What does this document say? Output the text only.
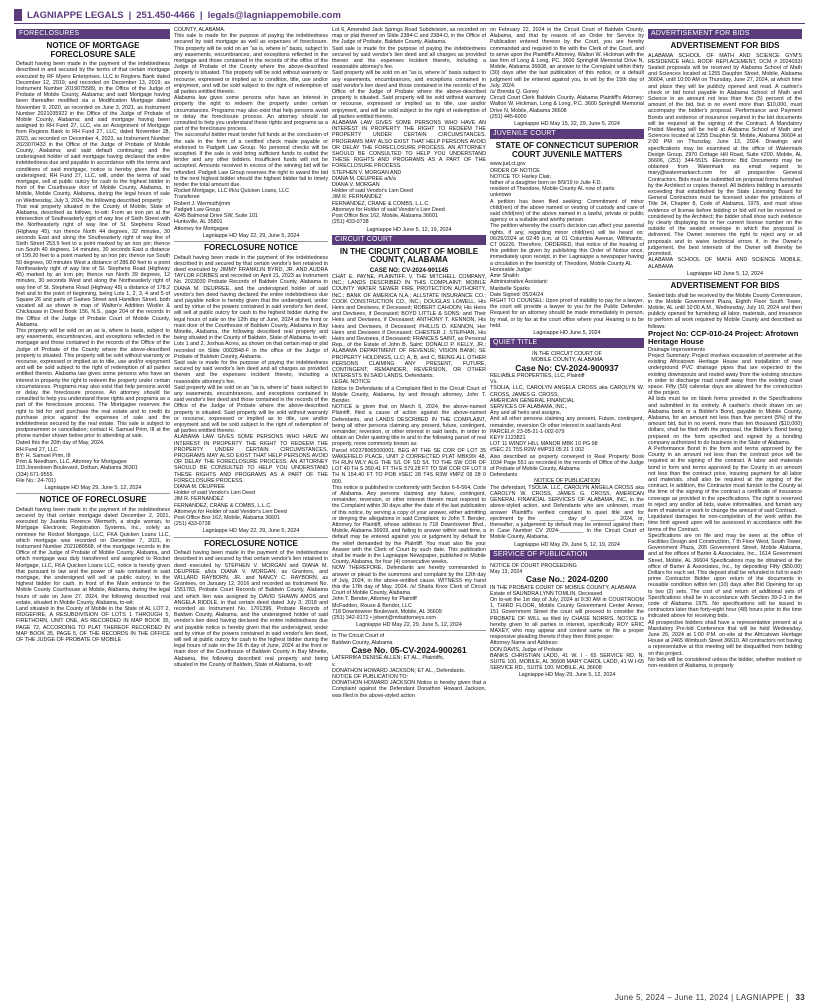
LAGNIAPPE LEGALS | 251.450-4466 | legals@lagniappemobile.com
FORECLOSURES
NOTICE OF MORTGAGE FORECLOSURE SALE

Default having been made in the payment of the indebtedness described in and secured by the terms of that certain mortgage executed by RF Myers Enterprises, LLC to Regions Bank dated December 12, 2019, and recorded on December 13, 2019, as Instrument Number 2019075589, in the Office of the Judge of Probate of Mobile County, Alabama; and said Mortgage having been thereafter modified via a Modification Mortgage dated November 9, 2020, as recorded on June 3, 2021, as Instrument Number 2021035922 in the Office of the Judge of Probate of Mobile County, Alabama; and said mortgage having been assigned to RH Fund 27, LLC, via an Assignment of Mortgage from Regions Bank to RH Fund 27, LLC, dated November 28, 2023, as recorded on December 4, 2023, as Instrument Number 2023070433 in the Office of the Judge of Probate of Mobile County, Alabama; and said default continuing; and the undersigned holder of said mortgage having declared the entire indebtedness due and payable in accordance with the terms and conditions of said mortgage, notice is hereby given that the undersigned, RH Fund 27, LLC, will, under the terms of said mortgage, sell at public outcry for cash to the highest bidder in front of the Courthouse door of Mobile County, Alabama, in Mobile, Mobile County, Alabama, during the legal hours of sale on Wednesday, July 3, 2024, the following described property:

That real property situated in the County of Mobile, State of Alabama, described as follows, to-wit: From an iron pin at the intersection of Southeasterly right of way line of Sixth Street with the Northeasterly right of way line of St. Stephens Road (Highway 45), run thence North 44 degrees, 32 minutes, 30 seconds East and along the Southeasterly right of way line of Sixth Street 253.9 feet to a point marked by an iron pin; thence run South 40 degrees, 14 minutes, 30 seconds East a distance of 199.20 feet to a point marked by an iron pin; thence run South 50 degrees, 00 minutes West a distance of 286.80 feet to a point Northeasterly right of way line of St. Stephens Road (Highway 45) marked by an iron pin; thence run North 39 degrees, 12 minutes, 30 seconds West and along the Northeasterly right of way line of St. Stephens Road (Highway 45) a distance of 178.2 feet and to the point of beginning, being Lots 1, 2, 3, 4 and 5 of Square 26 and parts of Gaines Street and Hamilton Street, both vacated all as shown in map of Walton's Addition Wistler & Chickasaw in Deed Book 156, N.S., page 204 of the records in the Office of the Judge of Probate Court of Mobile County, Alabama.

This property will be sold on an as is, where is basis, subject to any easements, encumbrances, and exceptions reflected in the mortgage and those contained in the records of the Office of the Judge of Probate of the County where the above-described property is situated. This property will be sold without warranty or recourse, expressed or implied as to title, use and/or enjoyment and will be sold subject to the right of redemption of all parties entitled thereto. Alabama law gives some persons who have an interest in property the right to redeem the property under certain circumstances. Programs may also exist that help persons avoid or delay the foreclosure process. An attorney should be consulted to help you understand these rights and programs as a part of the foreclosure process. The Mortgagee reserves the right to bid for and purchase the real estate and to credit its purchase price against the expenses of sale and the indebtedness secured by the real estate. This sale is subject to postponement or cancellation; contact H. Samuel Prim, III at the phone number shown below prior to attending at sale.

Dated this the 20th day of May, 2024.

RH Fund 27, LLC
BY: H. Samuel Prim, III
Prim & Needham, LLC, Attorney for Mortgagee
103 Jonestown Boulevard, Dothan, Alabama 36301
(334) 671-9555
File No.: 24-701)

Lagniappe HD May 29, June 5, 12, 2024
NOTICE OF FORECLOSURE

Default having been made in the payment of the indebtedness secured by that certain mortgage dated December 2, 2021, executed by Juanita Florence Wermeth, a single woman, to Mortgage Electronic Registration Systems, Inc., solely as nominee for Rocket Mortgage, LLC, FKA Quicken Loans LLC, which mortgage was recorded on December 7, 2021, in Instrument Number 2021080568, of the mortgage records in the Office of the Judge of Probate of Mobile County, Alabama, and which mortgage was duly transferred and assigned to Rocket Mortgage, LLC, FKA Quicken Loans LLC, notice is hereby given that pursuant to law and the power of sale contained in said mortgage, the undersigned will sell at public outcry, to the highest bidder for cash, in front of the Main entrance to the Mobile County Courthouse at Mobile, Alabama, during the legal hours of sale on June 27, 2024, the following described real estate, situated in Mobile County, Alabama, to-wit:

Land situated in the County of Mobile in the State of AL LOT 2, RIDGEFIRE, A RESUBDIVISION OF LOTS 1 THROUGH 5, FIRETHORN, UNIT ONE, AS RECORDED IN MAP BOOK 35, PAGE 72, ACCORDING TO PLAT THEREOF RECORDED IN MAP BOOK 35, PAGE 5, OF THE RECORDS IN THE OFFICE OF THE JUDGE OF PROBATE OF MOBILE

COUNTY, ALABAMA.
This sale is made for the purpose of paying the indebtedness secured by said mortgage as well as expenses of foreclosure. This property will be sold on an "as is, where is" basis, subject to any easements, encumbrances, and exceptions reflected in the mortgage and those contained in the records of the office of the Judge of Probate of the County where the above-described property is situated. This property will be sold without warranty or recourse, expressed or implied as to condition, title, use and/or enjoyment, and will be sold subject to the right of redemption of all parties entitled thereto.
Alabama law gives some persons who have an interest in property the right to redeem the property under certain circumstances. Programs may also exist that help persons avoid or delay the foreclosure process. An attorney should be consulted to help you understand these rights and programs as a part of the foreclosure process.
The successful bidder must tender full funds at the conclusion of the sale in the form of a certified check made payable or endorsed to Padgett Law Group. No personal checks will be accepted. If the sale is void bring sufficient funds to outbid the lender and any other bidders. Insufficient funds will not be accepted. Amounts received in excess of the winning bid will be refunded. Padgett Law Group reserves the right to award the bid to the next highest bidder should the highest bidder fail to timely tender the total amount due.
Rocket Mortgage, LLC f/k/a Quicken Loans, LLC
Transferee
Robert J. Wermuth/jmm
Padgett Law Group
4245 Balmoral Drive SW, Suite 101
Huntsville, AL 35801
Attorney for Mortgagee

Lagniappe HD May 22, 29, June 5, 2024
FORECLOSURE NOTICE

Default having been made in the payment of the indebtedness described in and secured by that certain vendor's lien retained in deed executed by JIMMY FRANKLIN BYRD, JR. AND AUDRA TAYLOR FORBES and recorded on April 21, 2023 as Instrument No. 2023030 Probate Records of Baldwin County, Alabama to DIANA M. DEUPREE, and the undersigned holder of said vendor's lien deed having declared the entire indebtedness due and payable notice is hereby given that the undersigned, under and by virtue of the powers contained in said vendor's lien deed, will sell at public outcry for cash to the highest bidder during the legal hours of sale on the 12th day of June, 2024 at the front or main door of the Courthouse of Baldwin County, Alabama in Bay Minette, Alabama, the following described real property and being situated in the County of Baldwin, State of Alabama, to-wit:
Lots 1 and 2, Joshua Acres, as shown on that certain map or plat recorded on Slide 0002848-F in the office of the Judge of Probate of Baldwin County, Alabama.
Said sale is made for the purpose of paying the indebtedness secured by said vendor's lien deed and all charges as provided therein and the expenses incident thereto, including a reasonable attorney's fee.
Said property will be sold on an "as is, where is" basis subject to any easements, encumbrances, and exceptions contained in said vendor's lien deed and those contained in the records of the Office of the Judge of Probate where the above-described property is situated. Said property will be sold without warranty or recourse, expressed or implied as to title, use and/or enjoyment and will be sold subject to the right of redemption of all parties entitled thereto.
ALABAMA LAW GIVES SOME PERSONS WHO HAVE AN INTEREST IN PROPERTY THE RIGHT TO REDEEM THE PROPERTY UNDER CERTAIN CIRCUMSTANCES. PROGRAMS MAY ALSO EXIST THAT HELP PERSONS AVOID OR DELAY THE FORECLOSURE PROCESS. AN ATTORNEY SHOULD BE CONSULTED TO HELP YOU UNDERSTAND THESE RIGHTS AND PROGRAMS AS A PART OF THE FORECLOSURE PROCESS.
DIANA M. DEUPREE
Holder of said Vendor's Lien Deed
JIM R. FERNANDEZ
FERNANDEZ, CRANE & COMBS, L.L.C.
Attorneys for Holder of said Vendor's Lien Deed
Post Office Box 162, Mobile, Alabama 36601
(251) 433-0738

Lagniappe HD May 22, 29, June 5, 2024
FORECLOSURE NOTICE

Default having been made in the payment of the indebtedness described in and secured by that certain vendor's lien retained in deed executed by STEPHEN V. MORGAN and DIANA M. DEUPREE a/k/a DIANA V. MORGAN, as Grantors, and WILLARD RAYBORN, JR. and NANCY C. RAYBORN, as Grantees, on January 12, 2016 and recorded as Instrument No. 1551783, Probate Court Records of Baldwin County, Alabama and which lien was assigned by DAVID SHAWN AMOS and ANGELA RIDDLE, in that certain deed dated July 3, 2018 and recorded as Instrument No. 1701396, Probate Records of Baldwin County, Alabama, and the undersigned holder of said vendor's lien deed having declared the entire indebtedness due and payable notice is hereby given that the undersigned, under and by virtue of the powers contained in said vendor's lien deed, will sell at public outcry for cash to the highest bidder during the legal hours of sale on the 26 th day of June, 2024 at the front or main door of the Courthouse of Baldwin County in Bay Minette, Alabama, the following described real property and being situated in the County of Baldwin, State of Alabama, to-wit:

Lot 6, Amended Jack Springs Road Subdivision, as recorded on map or plat thereof on Slide 2384-C and 2384-D, in the Office of the Judge of Probate, Baldwin County, Alabama.
Said sale is made for the purpose of paying the indebtedness secured by said vendor's lien deed and all charges as provided therein and the expenses incident thereto, including a reasonable attorney's fee.
Said property will be sold on an "as is, where is" basis subject to any easements, encumbrances, and exceptions contained in said vendor's lien deed and those contained in the records of the Office of the Judge of Probate where the above-described property is situated. Said property will be sold without warranty or recourse, expressed or implied as to title, use and/or enjoyment, and will be sold subject to the right of redemption of all parties entitled thereto.
ALABAMA LAW GIVES SOME PERSONS WHO HAVE AN INTEREST IN PROPERTY THE RIGHT TO REDEEM THE PROPERTY UNDER CERTAIN CIRCUMSTANCES. PROGRAMS MAY ALSO EXIST THAT HELP PERSONS AVOID OR DELAY THE FORECLOSURE PROCESS. AN ATTORNEY SHOULD BE CONSULTED TO HELP YOU UNDERSTAND THESE RIGHTS AND PROGRAMS AS A PART OF THE FORECLOSURE PROCESS.
STEPHEN V. MORGAN AND
DIANA M. DEUPREE a/k/a
DIANA V. MORGAN
Holder of said Vendor's Lien Deed
JIM R. FERNANDEZ
FERNANDEZ, CRANE & COMBS, L.L.C.
Attorneys for Holder of said Vendor's Lien Deed
Post Office Box 162, Mobile, Alabama 36601
(251) 433-0738

Lagniappe HD June 5, 12, 19, 2024
CIRCUIT COURT
IN THE CIRCUIT COURT OF MOBILE COUNTY, ALABAMA
CASE NO: CV-2024-901145

CHAT E. PAYNE, PLAINTIFF, V. THE MITCHELL COMPANY, INC.; LANDS DESCRIBED IN THIS COMPLAINT; MOBILE COUNTY WATER SEWER FIRE PROTECTION AUTHORITY, INC.; BANK OF AMERICA N.A.; ALLSTATE INSURANCE CO.; COOK CONSTRUCTION CO., INC.; DOUGLAS LOWELL, His Heirs and Devisees, if Deceased; ROBERT CAHOON; His Heirs and Devisees, if Deceased; BOYD LITTLE & SONS; and Their Heirs and Devisees, if Deceased; ANTHONY T. KENNON, His Heirs and Devisees, if Deceased; PHILLIS D. KENNON, Her Heirs and Devisees if Deceased; CHESTER J. STEPHAN, His Heirs and Devisees, if Deceased; FRANCES SAINT, as Personal Rep., of the Estate of John B. Saint; DONALD P. KELLY, JR.; ALABAMA DEPARTMENT OF REVENUE; VISION BANK; SE PROPERTY HOLDINGS, LLC; A, B, and C, BEING ALL OTHER PERSONS CLAIMING ANY PRESENT, FUTURE, CONTINGENT, REMAINDER, REVERSION, OR OTHER INTERESTS IN SAID LANDS, Defendants.
LEGAL NOTICE
Notice to Defendants of a Complaint filed in the Circuit Court of Mobile County, Alabama, by and through attorney, John T. Bender.
NOTICE is given that on March 6, 2024, the above-named Plaintiff, filed a cause of action against the above-named Defendants, and LANDS DESCRIBED IN THE COMPLAINT, being all other persons claiming any present, future, contingent, remainder, reversion, or other interest in said lands, in order to obtain an Order quieting title in and to the following parcel of real property, more commonly known as:
Parcel #02378065000001. BEG AT THE SE COR OF LOT 35 WAKEFIELD PLACE, UNIT 2 CORRECTED PLAT MBK99/ 48, TH RUN WLY ALG THE S/L OF SD 5/L TO THE SW COR OF LOT 40 TH S 350.41 FT TH E 579.28 FT TO SW COR OF LOT 9 TH N 154.40 FT TO POB #SEC 28 T4S R3W #MPZ 08 28 0 000.
This notice is published in conformity with Section 6-6-564, Code of Alabama. Any persons claiming any future, contingent, remainder, reversion, or other interest therein must respond to the Complaint within 30 days after the date of the last publication of this notice, by serving a copy of your answer, either admitting or denying the allegations in said Complaint; to John T. Bender, Attorney for Plaintiff, whose address is 718 Downtowner Blvd., Mobile, Alabama 36609, and failing to answer within said time, a default may be entered against you or judgment by default for the relief demanded by the Plaintiff. You must also file your Answer with the Clerk of Court by such date. This publication shall be made in the Lagniappe Newspaper, published in Mobile County, Alabama, for four (4) consecutive weeks.
NOW THEREFORE, Defendants are hereby commanded to answer or plead to the summons and complaint by the 12th day of July, 2024, in the above-entitled cause. WITNESS my hand this the 17th day of May, 2024. /s/ Sharla Knox Clerk of Circuit Court of Mobile County, Alabama
John T. Bender, Attorney for Plaintiff
McFadden, Rouse & Bendor, LLC
718 Downtowner Boulevard, Mobile, AL 36609
(251) 342-9172 • jvbent@mrbattorneys.com

Lagniappe HD May 22, 29, June 5, 12, 2024

In The Circuit Court of
Baldwin County, Alabama

Case No. 05-CV-2024-900261

LATERRIKA DENISE ALLEN; ET AL., Plaintiffs,
v.
DONATHON HOWARD JACKSON; ET AL., Defendants.
NOTICE OF PUBLICATION TO:
DONATHON HOWARD JACKSON Notice is hereby given that a Complaint against the Defendant Donathon Howard Jackson, was filed in the above-styled action

on February 22, 2024 in the Circuit Court of Baldwin County, Alabama, and that by reason of an Order for Service by Publication entered thereon by the Court, you are hereby commanded and required to file with the Clerk of the Court, and to serve upon the Plaintiff's Attorney, Walton W. Hickman with the law firm of Long & Long, PC, 3600 Springhill Memorial Drive N, Mobile, Alabama 36608, an answer to the Complaint within thirty (30) days after the last publication of this notice, or a default judgment will be entered against you, to wit by the 15th day of July, 2024.
/s/ Brenda Q. Goney
Circuit Court Clerk Baldwin County, Alabama Plaintiff's Attorney: Walton W. Hickman, Long & Long, P.C. 3600 Springhill Memorial Drive N, Mobile, Alabama 36608
(251) 445-6000

Lagniappe HD May 15, 22, 29, June 5, 2024
JUVENILE COURT
STATE OF CONNECTICUT SUPERIOR COURT JUVENILE MATTERS

www.jud.ct.gov
ORDER OF NOTICE
NOTICE TO: Harley Clair,
father of a daughter born on 8/9/19 to Julie F.D.
resident of Theodore, Mobile County AL now of parts
unknown
A petition has been filed seeking: Commitment of minor child(ren) of the above named or vesting of custody and care of said child(ren) of the above named in a lawful, private or public agency or a suitable and worthy person.
The petition whereby the court's decision can affect your parental rights, if any, regarding minor child(ren) will be heard on: 06/26/2024 at 02:45 p.m. at 01 Columbia Avenue, Willimantic, CT 06226. Therefore, ORDERED, that notice of the hearing of this petition be given by publishing this Order of Notice once, immediately upon receipt, in the: Lagniappe a newspaper having a circulation in the town/city of: Theodore, Mobile County AL
Honorable Judge:
Amir Shaikh
Administrative Assistant:
Maribelle Sparks
Date Signed: 05/24/24
RIGHT TO COUNSEL: Upon proof of inability to pay for a lawyer, the court will provide a lawyer to you for the Public Defender. Request for an attorney should be made immediately in person, by mail, or by fax at the court office where your Hearing is to be held.

Lagniappe HD June 5, 2024
QUIET TITLE

IN THE CIRCUIT COURT OF
MOBILE COUNTY, ALABAMA

Case No: CV-2024-900937

RELIABLE PROPERTIES, LLC, Plaintiff
Vs.
TSOLIA, LLC, CAROLYN ANGELA CROSS aka CAROLYN W. CROSS, JAMES G. CROSS,
AMERICAN GENERAL FINANCIAL
SERVICES OF ALABAMA, INC.,
Any and all heirs and assigns,
And all other persons claiming any present, Future, contingent, remainder, reversion Or other interest in said lands And
PARCEL#: 23-05-21-1-002-079
KEY# 1123821
LOT 11 WINDY HILL MANOR MBK 10 PG 98
#SEC 21 T5S R2W #MP33 05 21 1 002
Also described as property conveyed in Real Property Book 1034 Page 551 as recorded in the records of Office of the Judge of Probate of Mobile County, Alabama
Defendants

NOTICE OF PUBLICATION

The defendant, TSOLIA, LLC, CAROLYN ANGELA CROSS aka CAROLYN W. CROSS, JAMES G. CROSS, AMERICAN GENERAL FINANCIAL SERVICES OF ALABAMA, INC, in the above-styled action, and Defendants who are unknown, must answer Plaintiff's verified complaint to quiet title and for ejectment by the ________ day of ________, 2024, or, thereafter, a judgement by default may be entered against them in Case Number CV 2024-________ in the Circuit Court of Mobile County, Alabama.

Lagniappe HD May 29, June 5, 12, 19, 2024
SERVICE OF PUBLICATION

NOTICE OF COURT PROCEEDING
May 13, 2024

Case No.: 2024-0200

IN THE PROBATE COURT OF MOBILE COUNTY, ALABAMA
Estate of SAUNDRA LYNN TOMLIN, Deceased
On to-wit the 1st day of July, 2024 at 9:30 AM in COURTROOM 1, THIRD FLOOR, Mobile County Government Center Annex, 151 Government Street the court will proceed to consider the PROBATE OF WILL as filed by CHASE NORRIS. NOTICE is hereby given to all parties in interest, specifically ROY ERIC MAXEY, who may appear and contest same or file a proper responsive pleading thereto if they then think proper.
Attorney Name and Address:
DON DAVIS, Judge of Probate
BANKS CHRISTIAN LADD, 41 W. I - 65 SERVICE RD. N. SUITE 100, MOBILE, AL 36608 MARY CAROL LADD, 41 W I-65 SERVICE RD., SUITE 100, MOBILE, AL 36608

Lagniappe HD May 29, June 5, 12, 2024
ADVERTISEMENT FOR BIDS
ADVERTISEMENT FOR BIDS

ALABAMA SCHOOL OF MATH AND SCIENCE GYM'S RESIDENCE HALL ROOF REPLACEMENT, DCM # 2024033I Sealed proposals will be received by Alabama School of Math and Sciences located at 1255 Dauphin Street, Mobile, Alabama 36604, until 10:00 AM on Thursday, June 27, 2024, at which time and place they will be publicly opened and read. A cashier's check or bid bond payable to Alabama School of Math and Science in an amount not less than five (5) percent of the amount of the bid, but in no event more than $10,000, must accompany the bidder's proposal. Performance and Payment Bonds and evidence of insurance required in the bid documents will be required at the signing of the Contract. A Mandatory Prebid Meeting will be held at Alabama School of Math and Sciences located at 1255 Dauphin St. Mobile, Alabama 36604 at 2:00 PM on Thursday, June 13, 2024. Drawings and specifications may be examined at the office of Watermark Design Group, 2970 Cottage Hill Road, Suite #200, Mobile, AL 36606, (251) 344-5515. Electronic Bid Documents may be obtained from Watermark via email request to mary@watermarkarch.com for all prospective General Contractors. Bids must be submitted on proposal forms furnished by the Architect or copies thereof. All bidders bidding in amounts exceeding that established by the State Licensing Board for General Contractors must be licensed under the provisions of Title 34, Chapter 8, Code of Alabama, 1975, and must show evidence of license before bidding or bid will not be received or considered by the Architect; the bidder shall show such evidence by clearly displaying his or her current license number on the outside of the sealed envelope in which the proposal is delivered. The Owner reserves the right to reject any or all proposals and to waive technical errors if, in the Owner's judgement, the best interests of the Owner will thereby be promoted.
ALABAMA SCHOOL OF MATH AND SCIENCE MOBILE, ALABAMA

Lagniappe HD June 5, 12, 2024
ADVERTISEMENT FOR BIDS

Sealed bids shall be received by the Mobile County Commission, in the Mobile Government Plaza, Eighth Floor South Tower, Mobile, AL until 10:00 A.M., Wednesday, July 10, 2024 and then publicly opened for furnishing all labor, materials, and insurance to perform all work required by Mobile County and described as follows:

Project No: CCP-010-24 Project: Afrotown Heritage House

Drainage Improvements
Project Summary: Project involves excavation of perimeter at the existing Africatown Heritage House and installation of new underground PVC drainage pipes that are expected to the existing downspouts and routed away from the existing structure in order to discharge road runoff away from the existing crawl space. Fifty (50) calendar days are allowed for the construction of the project.
All bids must be on blank forms provided in the Specifications and submitted in its entirety. A cashier's check drawn on an Alabama bank or a Bidder's Bond, payable to Mobile County, Alabama, for an amount not less than five percent (5%) of the amount bid, but in no event, more than ten thousand ($10,000) dollars, shall be filed with the proposal, the Bidder's Bond being prepared on the form specified and signed by a bonding company authorized to do business in the State of Alabama.
A Performance Bond in the form and terms approved by the County in an amount not less than the contract price will be required at the signing of the contract. A labor and materials bond in form and terms approved by the County in an amount not less than the contract price, insuring payment for all labor and materials, shall also be required at the signing of the contract. In addition, the Contractor must furnish to the County at the time of the signing of the contract a certificate of insurance coverage as provided in the specifications. The right is reserved to reject any and/or all bids, waive informalities, and furnish any item of material or work to change the amount of said Contract.
Liquidated damages for non-completion of the work within the time limit agreed upon will be assessed in accordance with the terms of the Contract.
Specifications are on file and may be seen at the office of Facilities Design and Construction, 7 th Floor West, South Tower, Government Plaza, 205 Government Street, Mobile Alabama, and at the offices of Barter & Associates, Inc., 1614 Government Street, Mobile, AL 36604 Specifications may be obtained at the office of Barter & Associates, Inc., by depositing Fifty ($50.00) Dollars for each set. This deposit shall be refunded in full to each prime Contractor Bidder upon return of the documents in reusable condition within ten (10) days after Bid Opening for up to two (2) sets. The cost of and return of additional sets of Specifications shall be in accordance with Section 39-2-3 in the code of Alabama 1975. No specifications will be issued to contractors later than forty-eight hour (48) hours prior to the time indicated above for receiving bids.
All prospective bidders shall have a representative present at a Mandatory Pre-bid Conference that will be held Wednesday, June 26, 2024 at 1:00 P.M. on-site at the Africatown Heritage House at 2465 Wimbush Street 36610. All contractors not having a representative at this meeting will be disqualified from bidding on this project.
No bids will be considered unless the bidder, whether resident or non-resident of Alabama, is properly

June 5, 2024 – June 11, 2024 | LAGNIAPPE | 33
